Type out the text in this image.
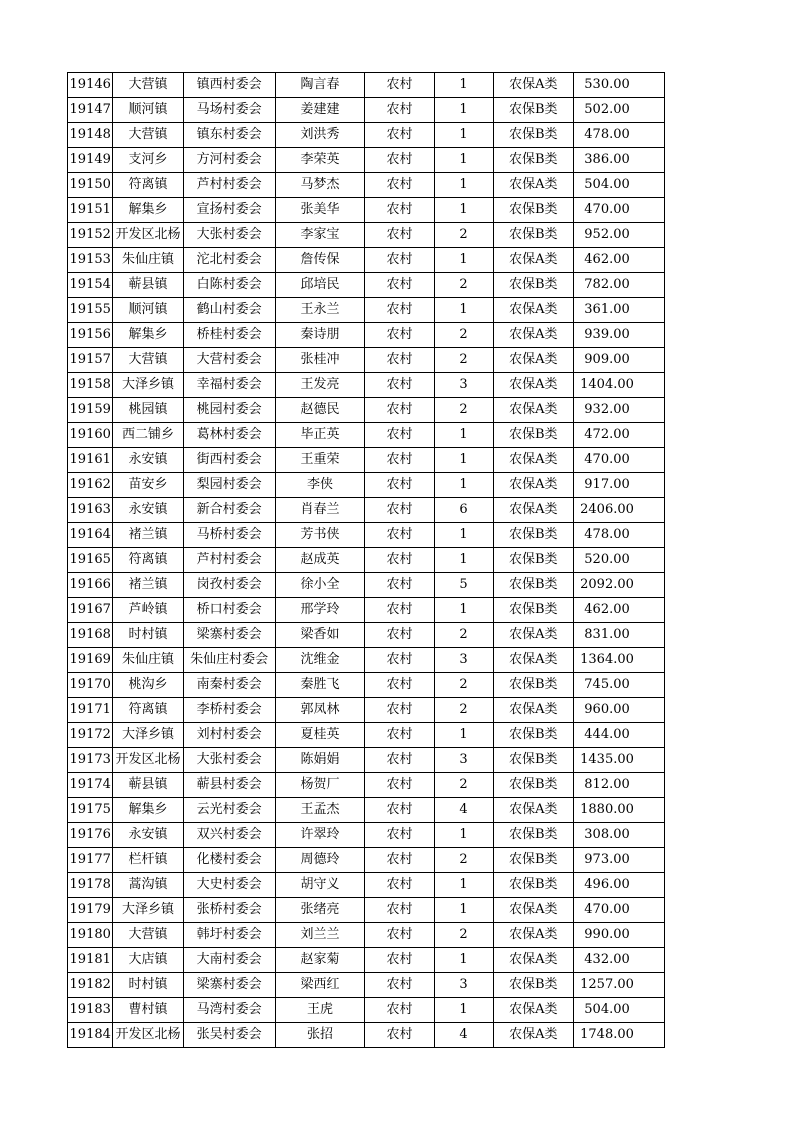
19146	大营镇	镇西村委会	陶言春	农村	1	农保A类	530.00
19147	顺河镇	马场村委会	姜建建	农村	1	农保B类	502.00
19148	大营镇	镇东村委会	刘洪秀	农村	1	农保B类	478.00
19149	支河乡	方河村委会	李荣英	农村	1	农保B类	386.00
19150	符离镇	芦村村委会	马梦杰	农村	1	农保A类	504.00
19151	解集乡	宣扬村委会	张美华	农村	1	农保B类	470.00
19152	开发区北杨	大张村委会	李家宝	农村	2	农保B类	952.00
19153	朱仙庄镇	沱北村委会	詹传保	农村	1	农保A类	462.00
19154	蕲县镇	白陈村委会	邱培民	农村	2	农保B类	782.00
19155	顺河镇	鹤山村委会	王永兰	农村	1	农保A类	361.00
19156	解集乡	桥桂村委会	秦诗朋	农村	2	农保A类	939.00
19157	大营镇	大营村委会	张桂冲	农村	2	农保A类	909.00
19158	大泽乡镇	幸福村委会	王发亮	农村	3	农保A类	1404.00
19159	桃园镇	桃园村委会	赵德民	农村	2	农保A类	932.00
19160	西二铺乡	葛林村委会	毕正英	农村	1	农保B类	472.00
19161	永安镇	街西村委会	王重荣	农村	1	农保A类	470.00
19162	苗安乡	梨园村委会	李侠	农村	1	农保A类	917.00
19163	永安镇	新合村委会	肖春兰	农村	6	农保A类	2406.00
19164	褚兰镇	马桥村委会	芳书侠	农村	1	农保B类	478.00
19165	符离镇	芦村村委会	赵成英	农村	1	农保B类	520.00
19166	褚兰镇	岗孜村委会	徐小全	农村	5	农保B类	2092.00
19167	芦岭镇	桥口村委会	邢学玲	农村	1	农保B类	462.00
19168	时村镇	梁寨村委会	梁香如	农村	2	农保A类	831.00
19169	朱仙庄镇	朱仙庄村委会	沈维金	农村	3	农保A类	1364.00
19170	桃沟乡	南秦村委会	秦胜飞	农村	2	农保B类	745.00
19171	符离镇	李桥村委会	郭凤林	农村	2	农保A类	960.00
19172	大泽乡镇	刘村村委会	夏桂英	农村	1	农保B类	444.00
19173	开发区北杨	大张村委会	陈娟娟	农村	3	农保B类	1435.00
19174	蕲县镇	蕲县村委会	杨贺厂	农村	2	农保B类	812.00
19175	解集乡	云光村委会	王孟杰	农村	4	农保A类	1880.00
19176	永安镇	双兴村委会	许翠玲	农村	1	农保B类	308.00
19177	栏杆镇	化楼村委会	周德玲	农村	2	农保B类	973.00
19178	蒿沟镇	大史村委会	胡守义	农村	1	农保B类	496.00
19179	大泽乡镇	张桥村委会	张绪亮	农村	1	农保A类	470.00
19180	大营镇	韩圩村委会	刘兰兰	农村	2	农保A类	990.00
19181	大店镇	大南村委会	赵家菊	农村	1	农保A类	432.00
19182	时村镇	梁寨村委会	梁西红	农村	3	农保B类	1257.00
19183	曹村镇	马湾村委会	王虎	农村	1	农保A类	504.00
19184	开发区北杨	张吴村委会	张招	农村	4	农保A类	1748.00
